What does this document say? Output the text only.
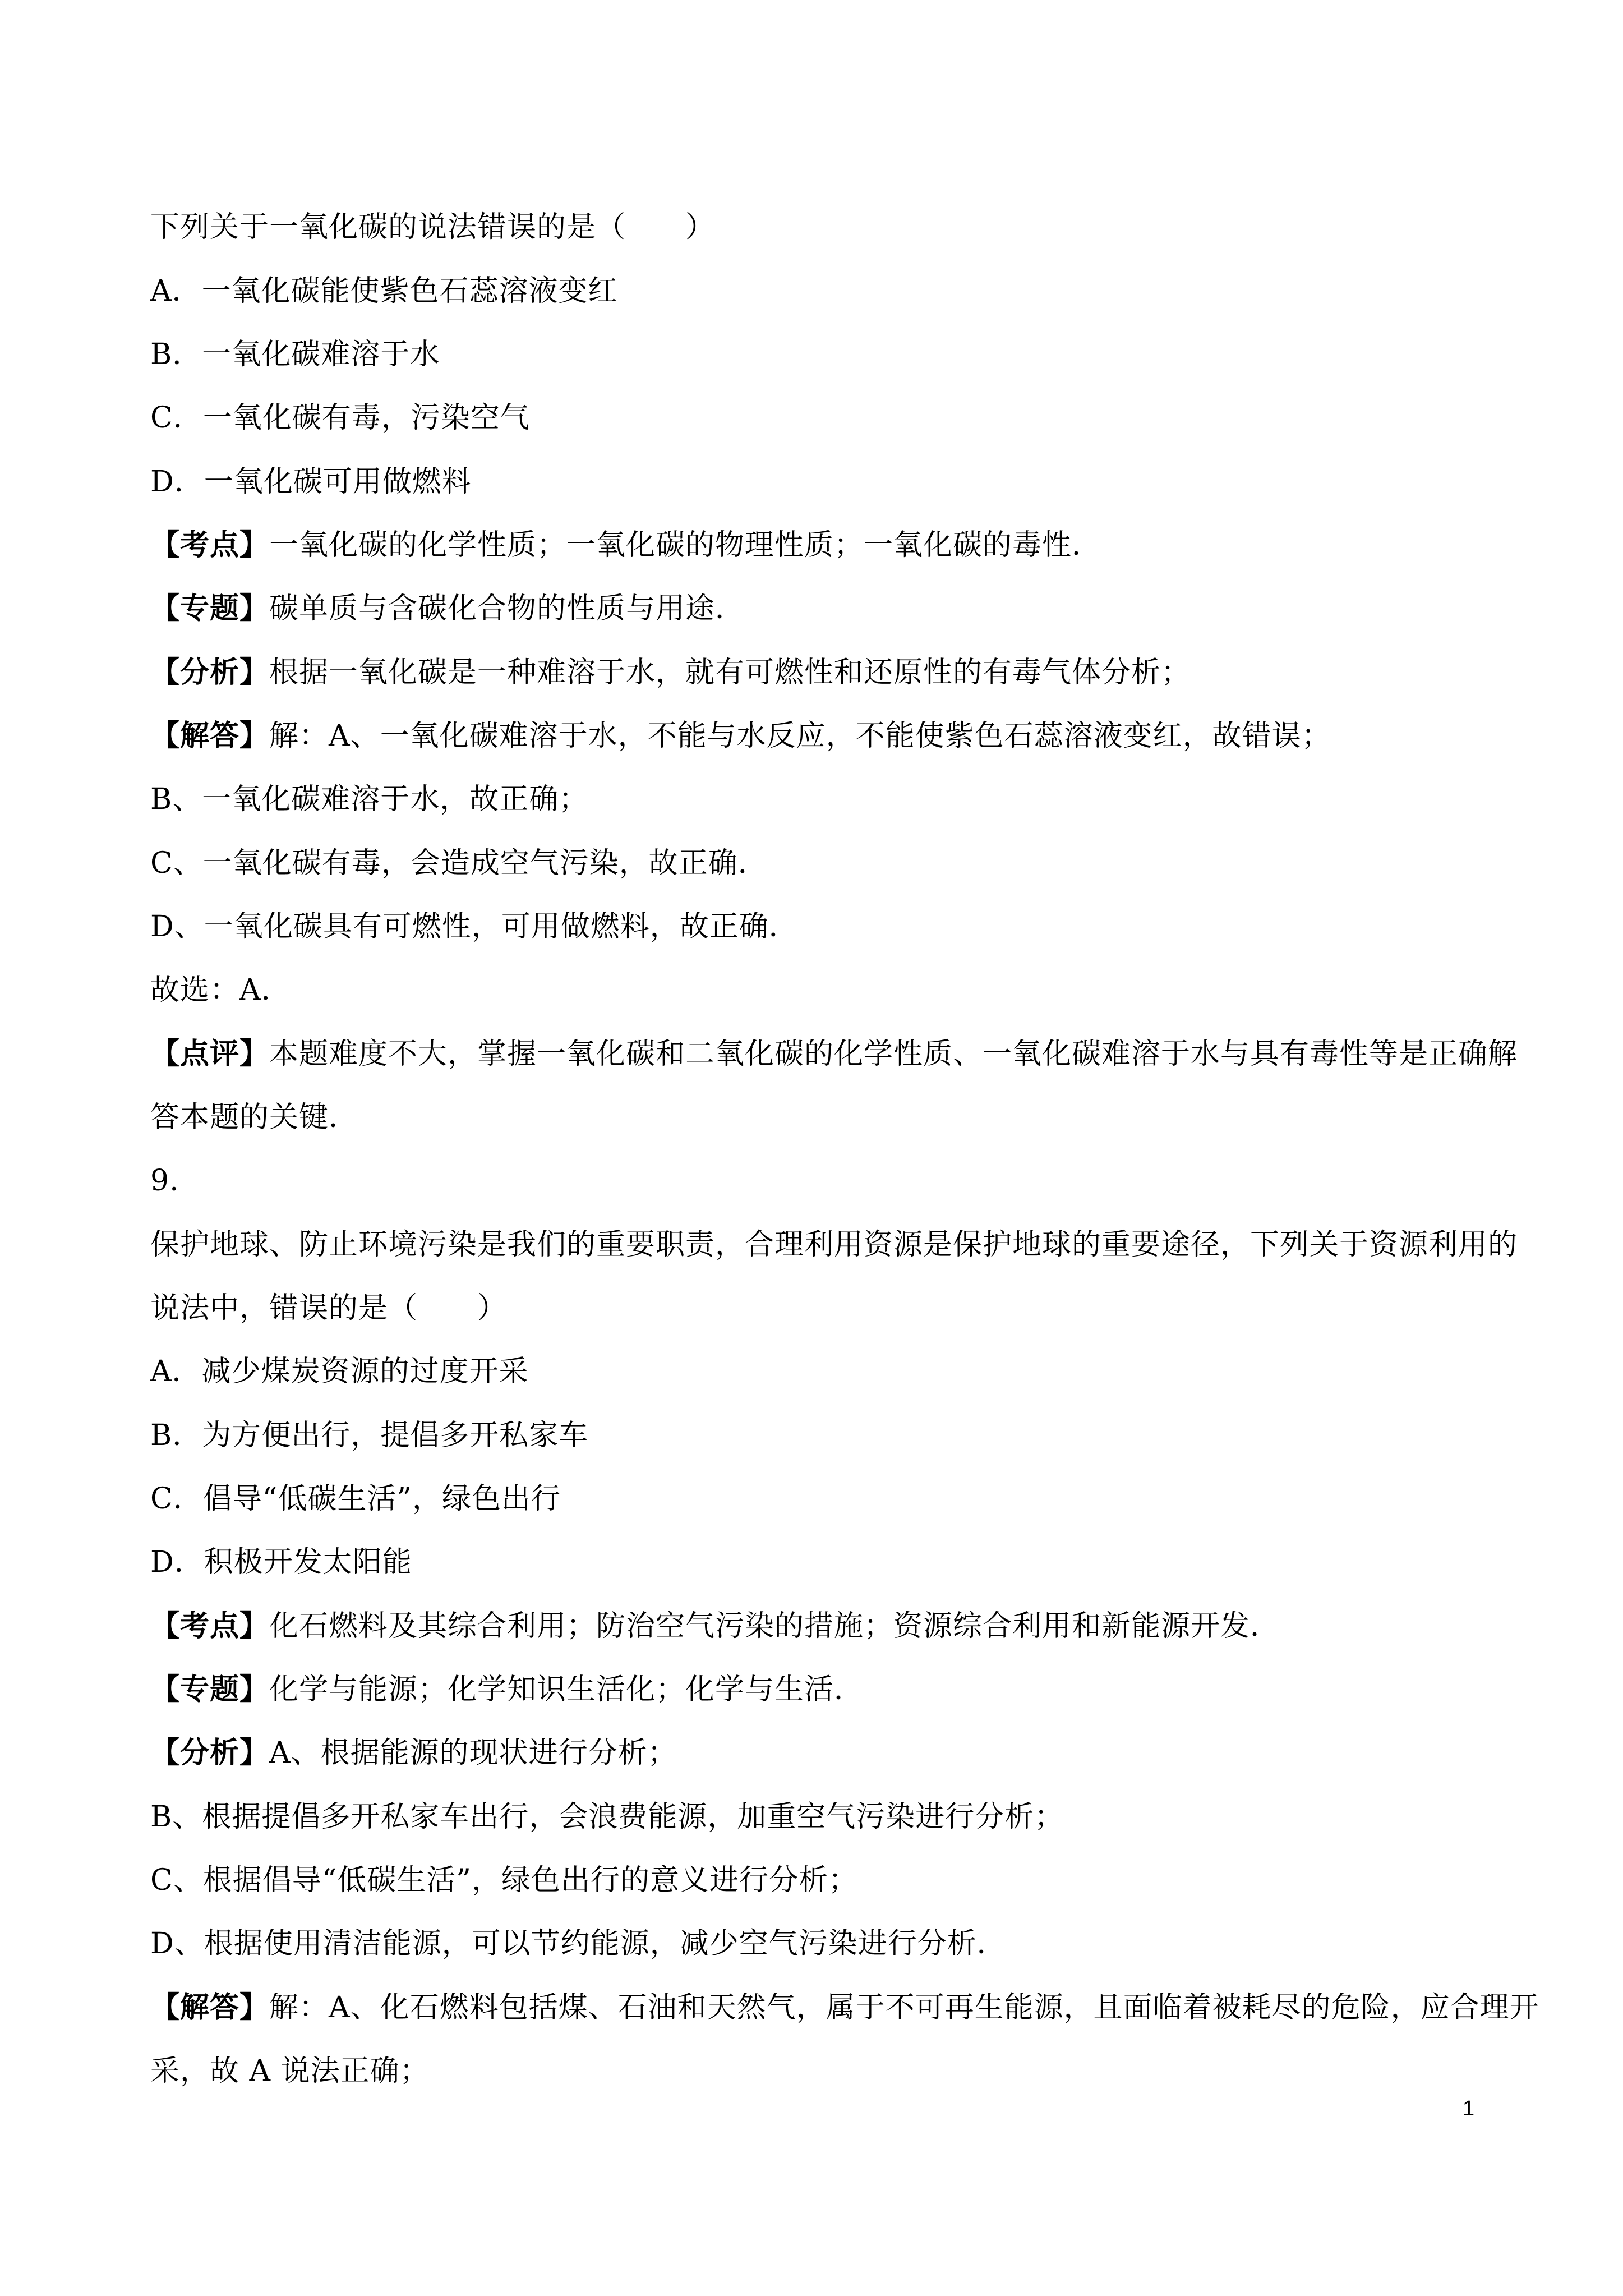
下列关于一氧化碳的说法错误的是（　　）
A．一氧化碳能使紫色石蕊溶液变红
B．一氧化碳难溶于水
C．一氧化碳有毒，污染空气
D．一氧化碳可用做燃料
【考点】一氧化碳的化学性质；一氧化碳的物理性质；一氧化碳的毒性．
【专题】碳单质与含碳化合物的性质与用途．
【分析】根据一氧化碳是一种难溶于水，就有可燃性和还原性的有毒气体分析；
【解答】解：A、一氧化碳难溶于水，不能与水反应，不能使紫色石蕊溶液变红，故错误；
B、一氧化碳难溶于水，故正确；
C、一氧化碳有毒，会造成空气污染，故正确．
D、一氧化碳具有可燃性，可用做燃料，故正确．
故选：A．
【点评】本题难度不大，掌握一氧化碳和二氧化碳的化学性质、一氧化碳难溶于水与具有毒性等是正确解
答本题的关键．
9.
保护地球、防止环境污染是我们的重要职责，合理利用资源是保护地球的重要途径，下列关于资源利用的
说法中，错误的是（　　）
A．减少煤炭资源的过度开采
B．为方便出行，提倡多开私家车
C．倡导“低碳生活”，绿色出行
D．积极开发太阳能
【考点】化石燃料及其综合利用；防治空气污染的措施；资源综合利用和新能源开发．
【专题】化学与能源；化学知识生活化；化学与生活．
【分析】A、根据能源的现状进行分析；
B、根据提倡多开私家车出行，会浪费能源，加重空气污染进行分析；
C、根据倡导“低碳生活”，绿色出行的意义进行分析；
D、根据使用清洁能源，可以节约能源，减少空气污染进行分析．
【解答】解：A、化石燃料包括煤、石油和天然气，属于不可再生能源，且面临着被耗尽的危险，应合理开
采，故 A 说法正确；
1
